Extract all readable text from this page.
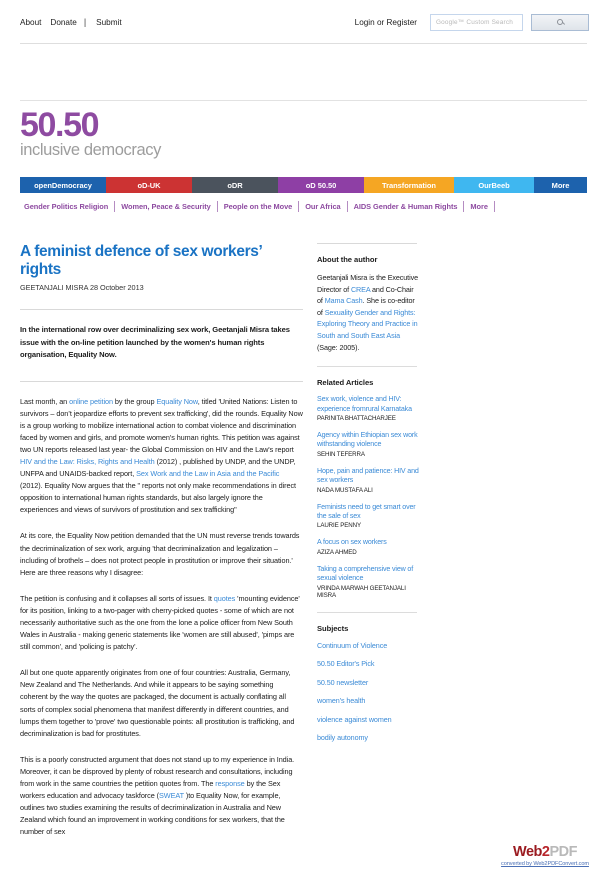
About Donate | Submit	Login or Register	Google™ Custom Search
50.50
inclusive democracy
openDemocracy	oD-UK	oDR	oD 50.50	Transformation	OurBeeb	More
Gender Politics Religion	Women, Peace & Security	People on the Move	Our Africa	AIDS Gender & Human Rights	More
A feminist defence of sex workers’ rights
GEETANJALI MISRA 28 October 2013
In the international row over decriminalizing sex work, Geetanjali Misra takes issue with the on-line petition launched by the women's human rights organisation, Equality Now.

Last month, an online petition by the group Equality Now, titled 'United Nations: Listen to survivors – don’t jeopardize efforts to prevent sex trafficking', did the rounds. Equality Now is a group working to mobilize international action to combat violence and discrimination faced by women and girls, and promote women's human rights. This petition was against two UN reports released last year- the Global Commission on HIV and the Law's report HIV and the Law: Risks, Rights and Health (2012) , published by UNDP, and the UNDP, UNFPA and UNAIDS-backed report, Sex Work and the Law in Asia and the Pacific (2012). Equality Now argues that the " reports not only make recommendations in direct opposition to international human rights standards, but also largely ignore the experiences and views of survivors of prostitution and sex trafficking"

At its core, the Equality Now petition demanded that the UN must reverse trends towards the decriminalization of sex work, arguing 'that decriminalization and legalization – including of brothels – does not protect people in prostitution or improve their situation.' Here are three reasons why I disagree:

The petition is confusing and it collapses all sorts of issues. It quotes 'mounting evidence' for its position, linking to a two-pager with cherry-picked quotes - some of which are not necessarily authoritative such as the one from the lone a police officer from New South Wales in Australia - making generic statements like 'women are still abused', 'pimps are still common', and 'policing is patchy'.

All but one quote apparently originates from one of four countries: Australia, Germany, New Zealand and The Netherlands. And while it appears to be saying something coherent by the way the quotes are packaged, the document is actually conflating all sorts of complex social phenomena that manifest differently in different countries, and lumps them together to 'prove' two questionable points: all prostitution is trafficking, and decriminalization is bad for prostitutes.

This is a poorly constructed argument that does not stand up to my experience in India. Moreover, it can be disproved by plenty of robust research and consultations, including from work in the same countries the petition quotes from. The response by the Sex workers education and advocacy taskforce (SWEAT )to Equality Now, for example, outlines two studies examining the results of decriminalization in Australia and New Zealand which found an improvement in working conditions for sex workers, that the number of sex

About the author

Geetanjali Misra is the Executive Director of CREA and Co-Chair of Mama Cash. She is co-editor of Sexuality Gender and Rights: Exploring Theory and Practice in South and South East Asia (Sage: 2005).

Related Articles
Sex work, violence and HIV: experience fromrural Karnataka
PARINITA BHATTACHARJEE
Agency within Ethiopian sex work withstanding violence
SEHIN TEFERRA
Hope, pain and patience: HIV and sex workers
NADA MUSTAFA ALI
Feminists need to get smart over the sale of sex
LAURIE PENNY
A focus on sex workers
AZIZA AHMED
Taking a comprehensive view of sexual violence
VRINDA MARWAH GEETANJALI MISRA
Subjects
Continuum of Violence
50.50 Editor's Pick
50.50 newsletter
women's health
violence against women
bodily autonomy
Web2PDF
converted by Web2PDFConvert.com
